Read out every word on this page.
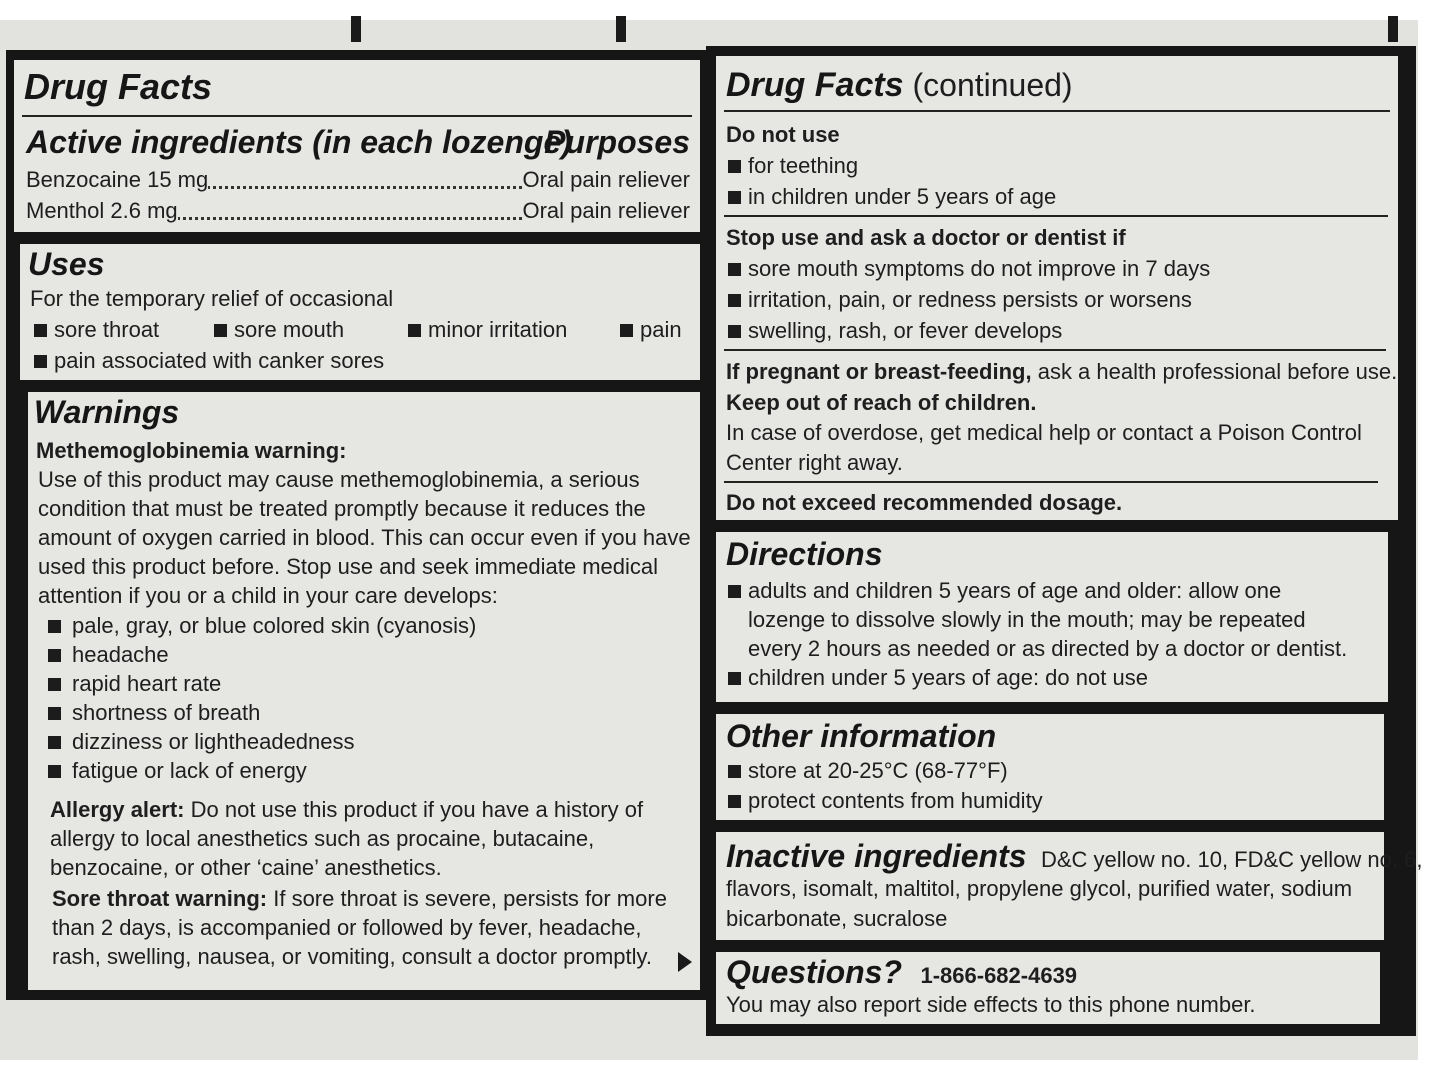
Drug Facts
Active ingredients (in each lozenge)
Purposes
Benzocaine 15 mg	Oral pain reliever
Menthol 2.6 mg	Oral pain reliever
Uses
For the temporary relief of occasional
sore throat	sore mouth	minor irritation	pain
pain associated with canker sores
Warnings
Methemoglobinemia warning:
Use of this product may cause methemoglobinemia, a serious
condition that must be treated promptly because it reduces the
amount of oxygen carried in blood. This can occur even if you have
used this product before. Stop use and seek immediate medical
attention if you or a child in your care develops:
pale, gray, or blue colored skin (cyanosis)
headache
rapid heart rate
shortness of breath
dizziness or lightheadedness
fatigue or lack of energy
Allergy alert: Do not use this product if you have a history of
allergy to local anesthetics such as procaine, butacaine,
benzocaine, or other ‘caine’ anesthetics.
Sore throat warning: If sore throat is severe, persists for more
than 2 days, is accompanied or followed by fever, headache,
rash, swelling, nausea, or vomiting, consult a doctor promptly.
Drug Facts (continued)
Do not use
for teething
in children under 5 years of age
Stop use and ask a doctor or dentist if
sore mouth symptoms do not improve in 7 days
irritation, pain, or redness persists or worsens
swelling, rash, or fever develops
If pregnant or breast-feeding, ask a health professional before use.
Keep out of reach of children.
In case of overdose, get medical help or contact a Poison Control
Center right away.
Do not exceed recommended dosage.
Directions
adults and children 5 years of age and older: allow one
lozenge to dissolve slowly in the mouth; may be repeated
every 2 hours as needed or as directed by a doctor or dentist.
children under 5 years of age: do not use
Other information
store at 20-25°C (68-77°F)
protect contents from humidity
Inactive ingredients D&C yellow no. 10, FD&C yellow no. 6,
flavors, isomalt, maltitol, propylene glycol, purified water, sodium
bicarbonate, sucralose
Questions? 1-866-682-4639
You may also report side effects to this phone number.
